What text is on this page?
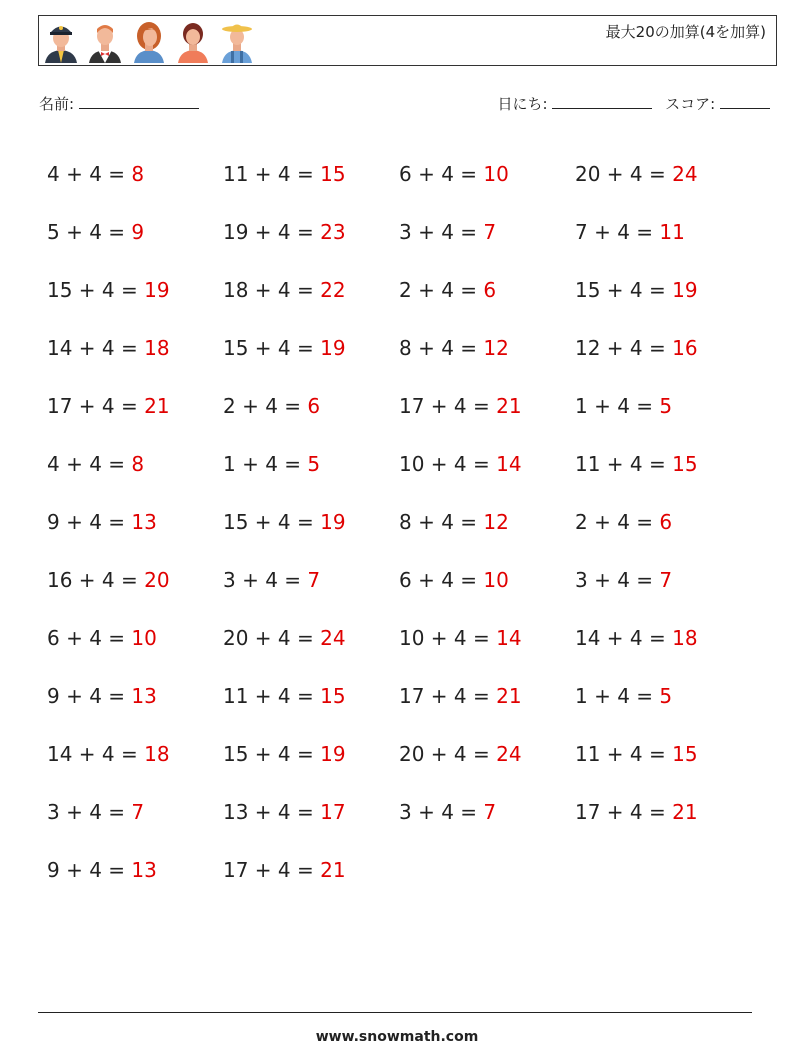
最大20の加算(4を加算)
名前:	日にち:	スコア:
4 + 4 = 8	11 + 4 = 15	6 + 4 = 10	20 + 4 = 24
5 + 4 = 9	19 + 4 = 23	3 + 4 = 7	7 + 4 = 11
15 + 4 = 19	18 + 4 = 22	2 + 4 = 6	15 + 4 = 19
14 + 4 = 18	15 + 4 = 19	8 + 4 = 12	12 + 4 = 16
17 + 4 = 21	2 + 4 = 6	17 + 4 = 21	1 + 4 = 5
4 + 4 = 8	1 + 4 = 5	10 + 4 = 14	11 + 4 = 15
9 + 4 = 13	15 + 4 = 19	8 + 4 = 12	2 + 4 = 6
16 + 4 = 20	3 + 4 = 7	6 + 4 = 10	3 + 4 = 7
6 + 4 = 10	20 + 4 = 24	10 + 4 = 14	14 + 4 = 18
9 + 4 = 13	11 + 4 = 15	17 + 4 = 21	1 + 4 = 5
14 + 4 = 18	15 + 4 = 19	20 + 4 = 24	11 + 4 = 15
3 + 4 = 7	13 + 4 = 17	3 + 4 = 7	17 + 4 = 21
9 + 4 = 13	17 + 4 = 21
www.snowmath.com
